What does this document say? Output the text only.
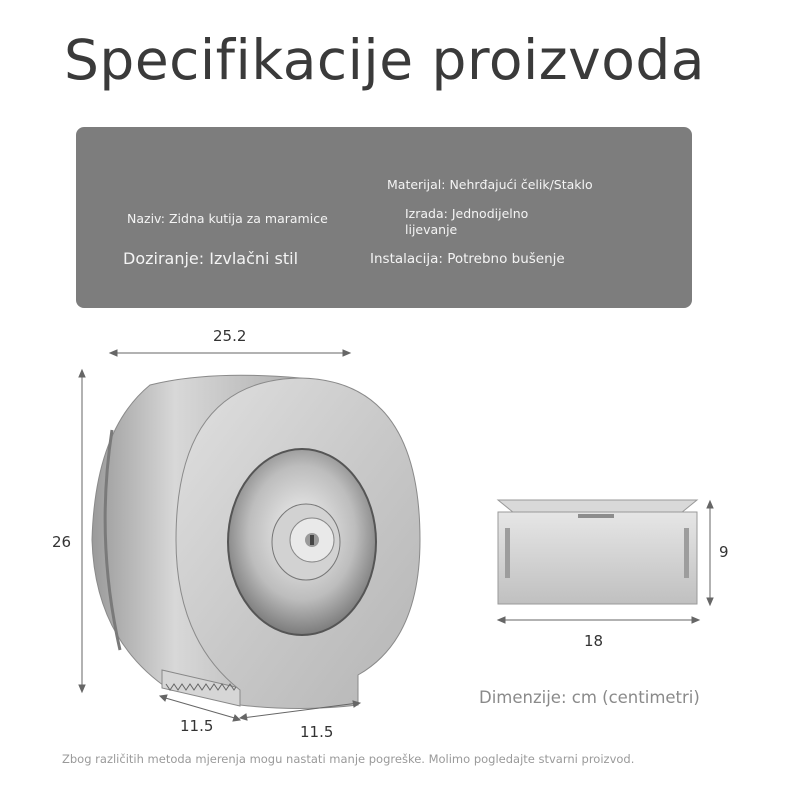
Specifikacije proizvoda
Materijal: Nehrđajući čelik/Staklo
Naziv: Zidna kutija za maramice	Izrada: Jednodijelno lijevanje
Doziranje: Izvlačni stil	Instalacija: Potrebno bušenje
25.2
26
11.5	11.5
9
18
Dimenzije: cm (centimetri)
Zbog različitih metoda mjerenja mogu nastati manje pogreške. Molimo pogledajte stvarni proizvod.
